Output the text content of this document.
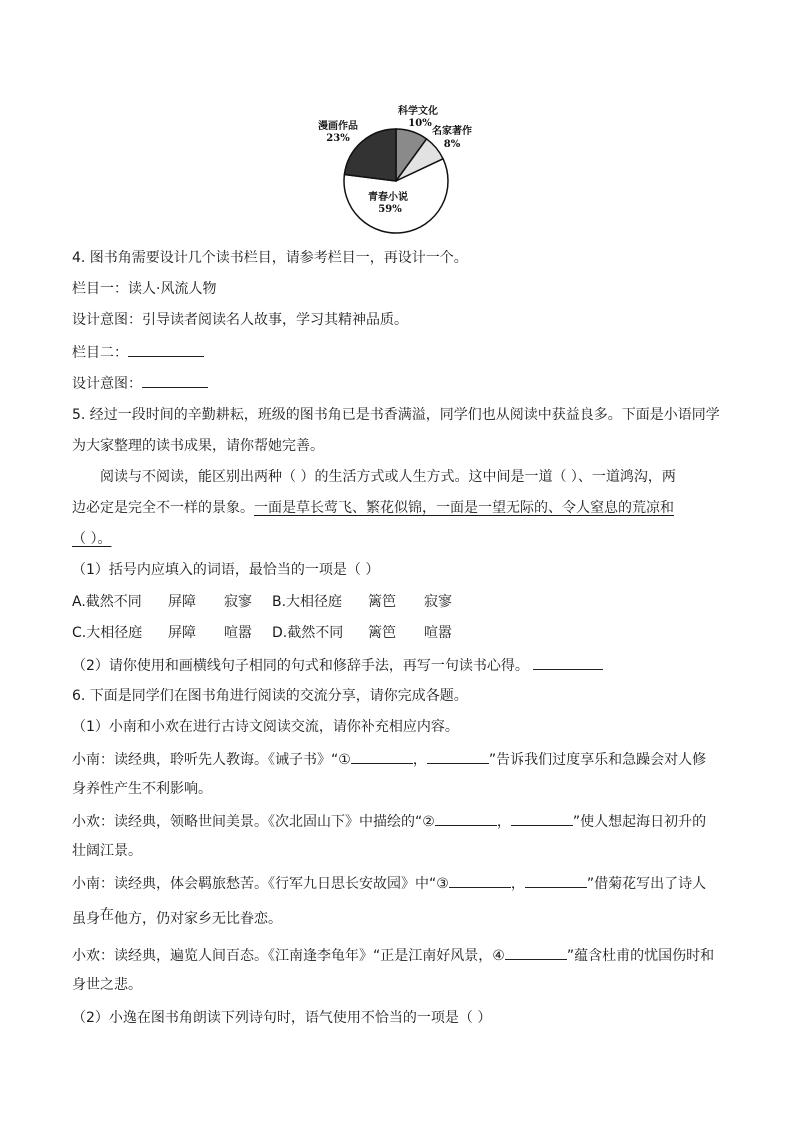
科学文化
10%
名家著作
8%
青春小说
59%
漫画作品
23%
4. 图书角需要设计几个读书栏目，请参考栏目一，再设计一个。
栏目一：读人·风流人物
设计意图：引导读者阅读名人故事，学习其精神品质。
栏目二：
设计意图：
5. 经过一段时间的辛勤耕耘，班级的图书角已是书香满溢，同学们也从阅读中获益良多。下面是小语同学
为大家整理的读书成果，请你帮她完善。
阅读与不阅读，能区别出两种（ ）的生活方式或人生方式。这中间是一道（ ）、一道鸿沟，两
边必定是完全不一样的景象。一面是草长莺飞、繁花似锦，一面是一望无际的、令人窒息的荒凉和
（ ）。
（1）括号内应填入的词语，最恰当的一项是（ ）
A.截然不同 屏障 寂寥 B.大相径庭 篱笆 寂寥
C.大相径庭 屏障 喧嚣 D.截然不同 篱笆 喧嚣
（2）请你使用和画横线句子相同的句式和修辞手法，再写一句读书心得。
6. 下面是同学们在图书角进行阅读的交流分享，请你完成各题。
（1）小南和小欢在进行古诗文阅读交流，请你补充相应内容。
小南：读经典，聆听先人教诲。《诫子书》“①	，	”告诉我们过度享乐和急躁会对人修
身养性产生不利影响。
小欢：读经典，领略世间美景。《次北固山下》中描绘的“②	，	”使人想起海日初升的
壮阔江景。
小南：读经典，体会羁旅愁苦。《行军九日思长安故园》中“③	，	”借菊花写出了诗人
虽身在他方，仍对家乡无比眷恋。
小欢：读经典，遍览人间百态。《江南逢李龟年》“正是江南好风景，④	”蕴含杜甫的忧国伤时和
身世之悲。
（2）小逸在图书角朗读下列诗句时，语气使用不恰当的一项是（ ）
